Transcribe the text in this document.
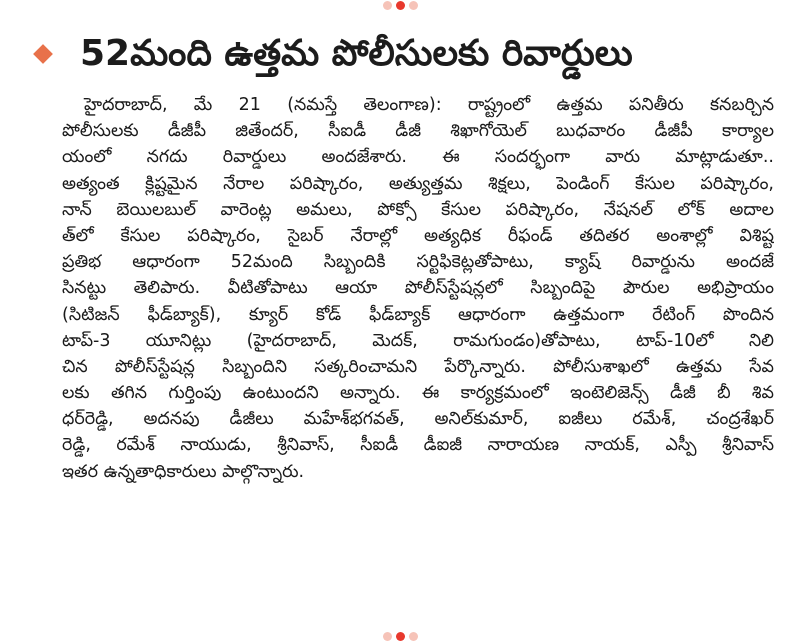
52మంది ఉత్తమ పోలీసులకు రివార్డులు
హైదరాబాద్, మే 21 (నమస్తే తెలంగాణ): రాష్ట్రంలో ఉత్తమ పనితీరు కనబర్చిన
పోలీసులకు డీజీపీ జితేందర్, సీఐడీ డీజీ శిఖాగోయెల్ బుధవారం డీజీపీ కార్యాల
యంలో నగదు రివార్డులు అందజేశారు. ఈ సందర్భంగా వారు మాట్లాడుతూ..
అత్యంత క్లిష్టమైన నేరాల పరిష్కారం, అత్యుత్తమ శిక్షలు, పెండింగ్ కేసుల పరిష్కారం,
నాన్ బెయిలబుల్ వారెంట్ల అమలు, పోక్సో కేసుల పరిష్కారం, నేషనల్ లోక్ అదాల
త్‌లో కేసుల పరిష్కారం, సైబర్ నేరాల్లో అత్యధిక రీఫండ్ తదితర అంశాల్లో విశిష్ట
ప్రతిభ ఆధారంగా 52మంది సిబ్బందికి సర్టిఫికెట్లతోపాటు, క్యాష్ రివార్డును అందజే
సినట్టు తెలిపారు. వీటితోపాటు ఆయా పోలీస్‌స్టేషన్లలో సిబ్బందిపై పౌరుల అభిప్రాయం
(సిటిజన్ ఫీడ్‌బ్యాక్), క్యూర్ కోడ్ ఫీడ్‌బ్యాక్ ఆధారంగా ఉత్తమంగా రేటింగ్ పొందిన
టాప్-3 యూనిట్లు (హైదరాబాద్, మెదక్, రామగుండం)తోపాటు, టాప్-10లో నిలి
చిన పోలీస్‌స్టేషన్ల సిబ్బందిని సత్కరించామని పేర్కొన్నారు. పోలీసుశాఖలో ఉత్తమ సేవ
లకు తగిన గుర్తింపు ఉంటుందని అన్నారు. ఈ కార్యక్రమంలో ఇంటెలిజెన్స్ డీజీ బీ శివ
ధర్‌రెడ్డి, అదనపు డీజీలు మహేశ్‌భగవత్, అనిల్‌కుమార్, ఐజీలు రమేశ్, చంద్రశేఖర్
రెడ్డి, రమేశ్ నాయుడు, శ్రీనివాస్, సీఐడీ డీఐజీ నారాయణ నాయక్, ఎస్పీ శ్రీనివాస్
ఇతర ఉన్నతాధికారులు పాల్గొన్నారు.
